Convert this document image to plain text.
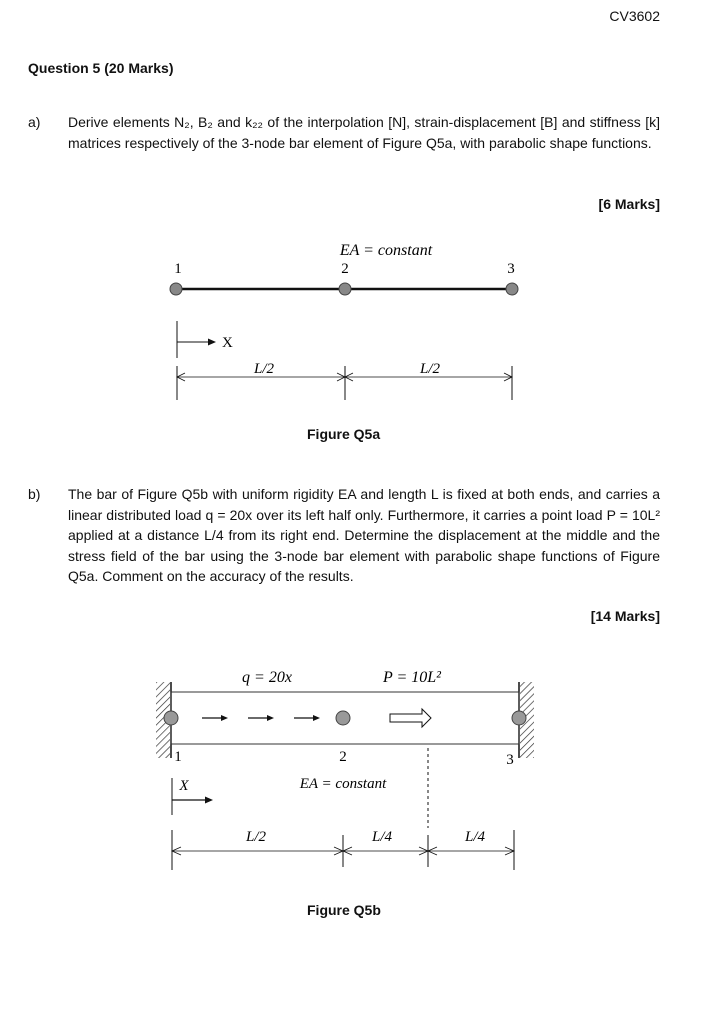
CV3602
Question 5 (20 Marks)
a) Derive elements N₂, B₂ and k₂₂ of the interpolation [N], strain-displacement [B] and stiffness [k] matrices respectively of the 3-node bar element of Figure Q5a, with parabolic shape functions.
[6 Marks]
EA = constant
1	2	3
X
L/2	L/2
Figure Q5a
b) The bar of Figure Q5b with uniform rigidity EA and length L is fixed at both ends, and carries a linear distributed load q = 20x over its left half only. Furthermore, it carries a point load P = 10L² applied at a distance L/4 from its right end. Determine the displacement at the middle and the stress field of the bar using the 3-node bar element with parabolic shape functions of Figure Q5a. Comment on the accuracy of the results.
[14 Marks]
q = 20x	P = 10L²
1	2	3
X	EA = constant
L/2	L/4	L/4
Figure Q5b
